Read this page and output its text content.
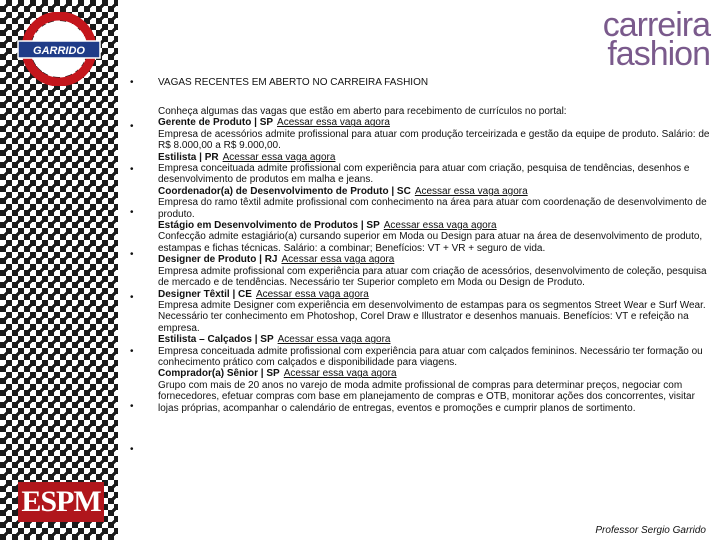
GARRIDO
ESPM
carreira
fashion
• VAGAS RECENTES EM ABERTO NO CARREIRA FASHION
•
•
•
•
•
•
•
•

Conheça algumas das vagas que estão em aberto para recebimento de currículos no portal:

Gerente de Produto | SP Acessar essa vaga agora

Empresa de acessórios admite profissional para atuar com produção terceirizada e gestão da equipe de produto. Salário: de R$ 8.000,00 a R$ 9.000,00.

Estilista | PR Acessar essa vaga agora

Empresa conceituada admite profissional com experiência para atuar com criação, pesquisa de tendências, desenhos e desenvolvimento de produtos em malha e jeans.

Coordenador(a) de Desenvolvimento de Produto | SC Acessar essa vaga agora

Empresa do ramo têxtil admite profissional com conhecimento na área para atuar com coordenação de desenvolvimento de produto.

Estágio em Desenvolvimento de Produtos | SP Acessar essa vaga agora

Confecção admite estagiário(a) cursando superior em Moda ou Design para atuar na área de desenvolvimento de produto, estampas e fichas técnicas. Salário: a combinar; Benefícios: VT + VR + seguro de vida.

Designer de Produto | RJ Acessar essa vaga agora

Empresa admite profissional com experiência para atuar com criação de acessórios, desenvolvimento de coleção, pesquisa de mercado e de tendências. Necessário ter Superior completo em Moda ou Design de Produto.

Designer Têxtil | CE Acessar essa vaga agora

Empresa admite Designer com experiência em desenvolvimento de estampas para os segmentos Street Wear e Surf Wear. Necessário ter conhecimento em Photoshop, Corel Draw e Illustrator e desenhos manuais. Benefícios: VT e refeição na empresa.

Estilista – Calçados | SP Acessar essa vaga agora

Empresa conceituada admite profissional com experiência para atuar com calçados femininos. Necessário ter formação ou conhecimento prático com calçados e disponibilidade para viagens.

Comprador(a) Sênior | SP Acessar essa vaga agora

Grupo com mais de 20 anos no varejo de moda admite profissional de compras para determinar preços, negociar com fornecedores, efetuar compras com base em planejamento de compras e OTB, monitorar ações dos concorrentes, visitar lojas próprias, acompanhar o calendário de entregas, eventos e promoções e cumprir planos de sortimento.

Professor Sergio Garrido
